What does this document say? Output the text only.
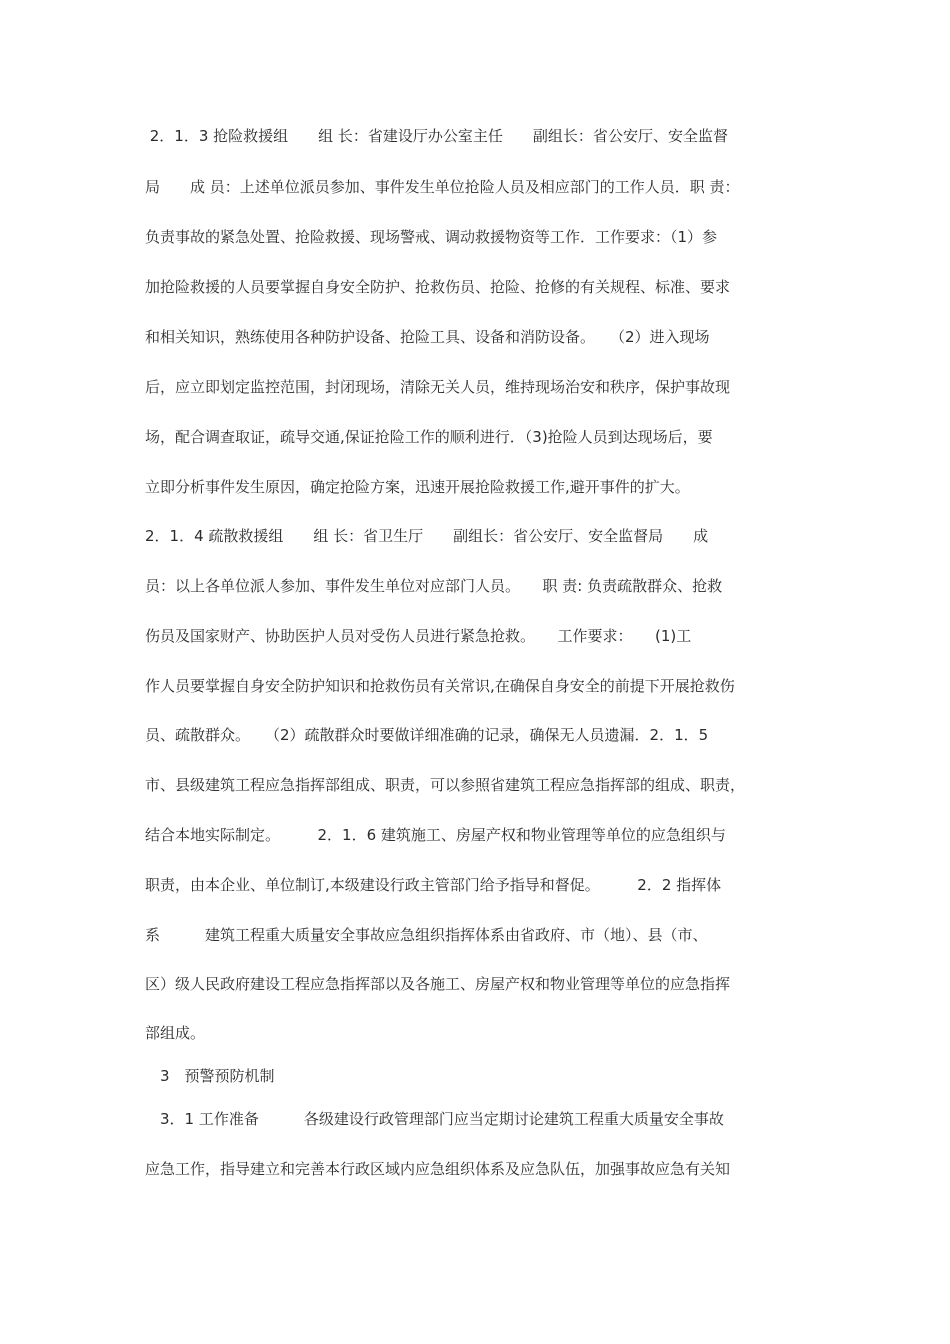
2．1．3 抢险救援组　　组 长：省建设厅办公室主任　　副组长：省公安厅、安全监督
局　　成 员：上述单位派员参加、事件发生单位抢险人员及相应部门的工作人员．职 责：
负责事故的紧急处置、抢险救援、现场警戒、调动救援物资等工作．工作要求：（1）参
加抢险救援的人员要掌握自身安全防护、抢救伤员、抢险、抢修的有关规程、标准、要求
和相关知识，熟练使用各种防护设备、抢险工具、设备和消防设备。　　（2）进入现场
后，应立即划定监控范围，封闭现场，清除无关人员，维持现场治安和秩序，保护事故现
场，配合调查取证，疏导交通,保证抢险工作的顺利进行．（3)抢险人员到达现场后，要
立即分析事件发生原因，确定抢险方案，迅速开展抢险救援工作,避开事件的扩大。
2．1．4 疏散救援组　　组 长：省卫生厅　　副组长：省公安厅、安全监督局　　成
员：以上各单位派人参加、事件发生单位对应部门人员。　　职 责: 负责疏散群众、抢救
伤员及国家财产、协助医护人员对受伤人员进行紧急抢救。　　工作要求：　　(1)工
作人员要掌握自身安全防护知识和抢救伤员有关常识,在确保自身安全的前提下开展抢救伤
员、疏散群众。　　（2）疏散群众时要做详细准确的记录，确保无人员遗漏．2．1．5
市、县级建筑工程应急指挥部组成、职责，可以参照省建筑工程应急指挥部的组成、职责，
结合本地实际制定。　　　2．1．6 建筑施工、房屋产权和物业管理等单位的应急组织与
职责，由本企业、单位制订,本级建设行政主管部门给予指导和督促。　　　2．2 指挥体
系　　　建筑工程重大质量安全事故应急组织指挥体系由省政府、市（地）、县（市、
区）级人民政府建设工程应急指挥部以及各施工、房屋产权和物业管理等单位的应急指挥
部组成。
　3　预警预防机制
　3．1 工作准备　　　各级建设行政管理部门应当定期讨论建筑工程重大质量安全事故
应急工作，指导建立和完善本行政区域内应急组织体系及应急队伍，加强事故应急有关知
